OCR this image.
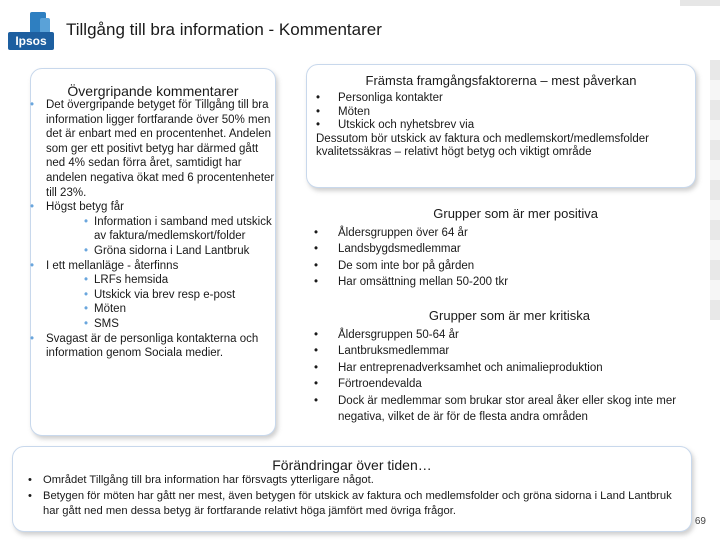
Ipsos
Tillgång till bra information - Kommentarer
Övergripande kommentarer
• Det övergripande betyget för Tillgång till bra information ligger fortfarande över 50% men det är enbart med en procentenhet. Andelen som ger ett positivt betyg har därmed gått ned 4% sedan förra året, samtidigt har andelen negativa ökat med 6 procentenheter till 23%.
• Högst betyg får
• Information i samband med utskick av faktura/medlemskort/folder
• Gröna sidorna i Land Lantbruk
• I ett mellanläge - återfinns
• LRFs hemsida
• Utskick via brev resp e-post
• Möten
• SMS
• Svagast är de personliga kontakterna och information genom Sociala medier.
Främsta framgångsfaktorerna – mest påverkan
• Personliga kontakter
• Möten
• Utskick och nyhetsbrev via
Dessutom bör utskick av faktura och medlemskort/medlemsfolder kvalitetssäkras – relativt högt betyg och viktigt område
Grupper som är mer positiva
• Åldersgruppen över 64 år
• Landsbygdsmedlemmar
• De som inte bor på gården
• Har omsättning mellan 50-200 tkr
Grupper som är mer kritiska
• Åldersgruppen 50-64 år
• Lantbruksmedlemmar
• Har entreprenadverksamhet och animalieproduktion
• Förtroendevalda
• Dock är medlemmar som brukar stor areal åker eller skog inte mer negativa, vilket de är för de flesta andra områden
Förändringar över tiden…
• Området Tillgång till bra information har försvagts ytterligare något.
• Betygen för möten har gått ner mest, även betygen för utskick av faktura och medlemsfolder och gröna sidorna i Land Lantbruk har gått ned men dessa betyg är fortfarande relativt höga jämfört med övriga frågor.
69
